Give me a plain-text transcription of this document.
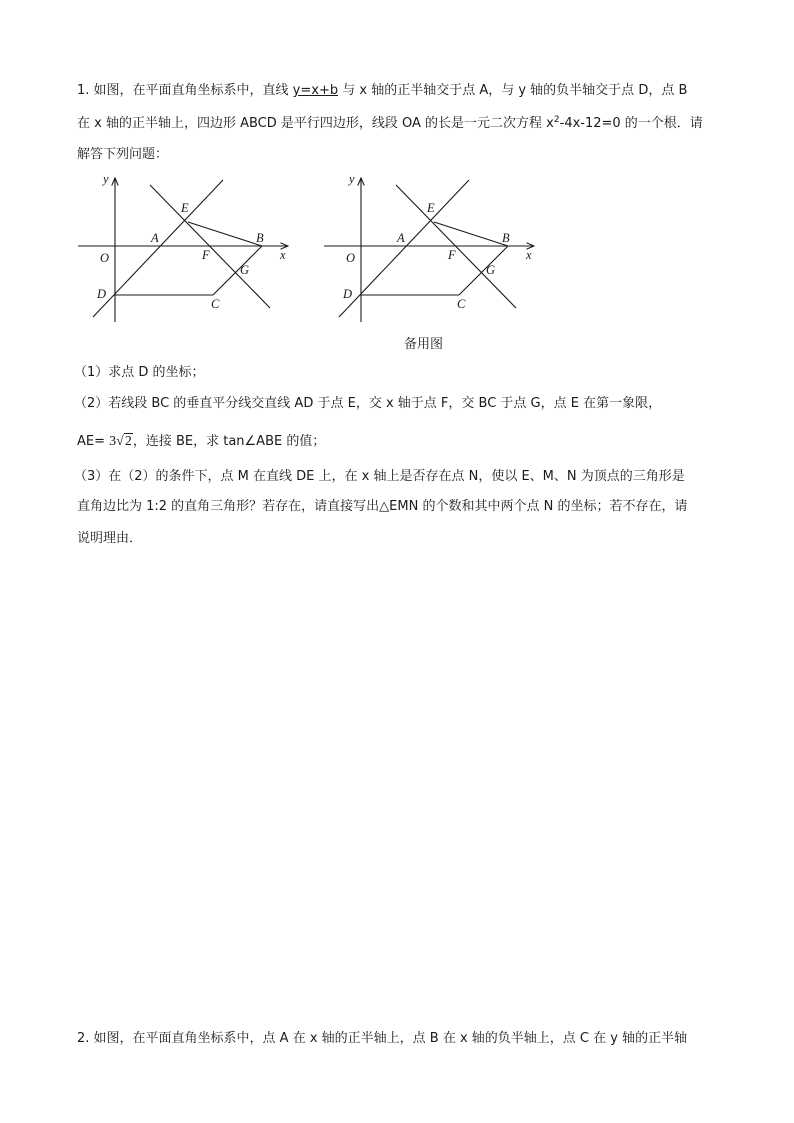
1. 如图，在平面直角坐标系中，直线 y=x+b 与 x 轴的正半轴交于点 A，与 y 轴的负半轴交于点 D，点 B
在 x 轴的正半轴上，四边形 ABCD 是平行四边形，线段 OA 的长是一元二次方程 $x^2-4x-12=0$ 的一个根．请
解答下列问题：
y
x
O
A	B
C
D
E
F
G
y
x
O
A	B
C
D
E
F
G
备用图
（1）求点 D 的坐标；
（2）若线段 BC 的垂直平分线交直线 AD 于点 E，交 x 轴于点 F，交 BC 于点 G，点 E 在第一象限，
AE= 3√2，连接 BE，求 tan∠ABE 的值；
（3）在（2）的条件下，点 M 在直线 DE 上，在 x 轴上是否存在点 N，使以 E、M、N 为顶点的三角形是
直角边比为 1:2 的直角三角形？若存在，请直接写出△EMN 的个数和其中两个点 N 的坐标；若不存在，请
说明理由．
2. 如图，在平面直角坐标系中，点 A 在 x 轴的正半轴上，点 B 在 x 轴的负半轴上，点 C 在 y 轴的正半轴
